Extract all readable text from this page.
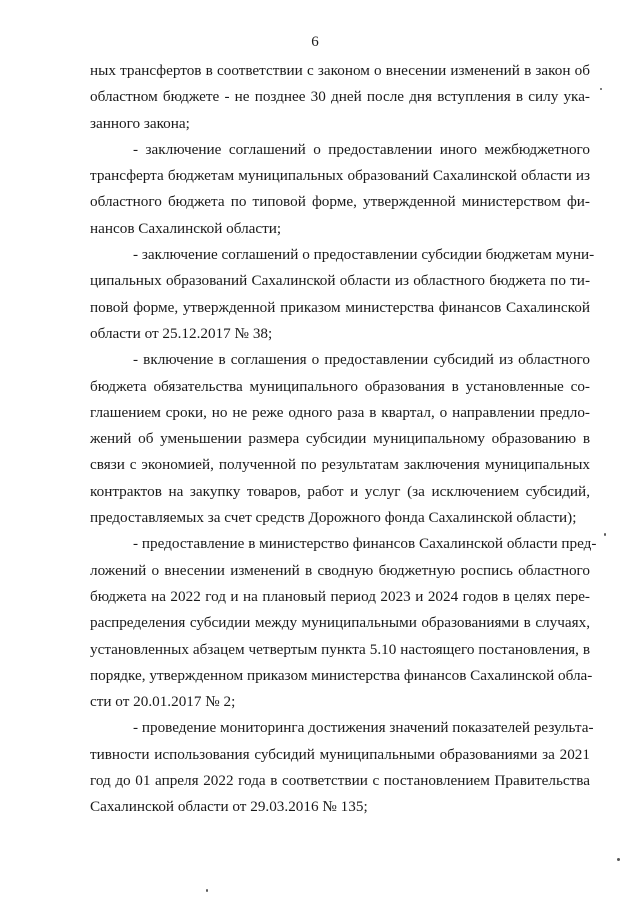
6
ных трансфертов в соответствии с законом о внесении изменений в закон об
областном бюджете - не позднее 30 дней после дня вступления в силу ука-
занного закона;
- заключение соглашений о предоставлении иного межбюджетного
трансферта бюджетам муниципальных образований Сахалинской области из
областного бюджета по типовой форме, утвержденной министерством фи-
нансов Сахалинской области;
- заключение соглашений о предоставлении субсидии бюджетам муни-
ципальных образований Сахалинской области из областного бюджета по ти-
повой форме, утвержденной приказом министерства финансов Сахалинской
области от 25.12.2017 № 38;
- включение в соглашения о предоставлении субсидий из областного
бюджета обязательства муниципального образования в установленные со-
глашением сроки, но не реже одного раза в квартал, о направлении предло-
жений об уменьшении размера субсидии муниципальному образованию в
связи с экономией, полученной по результатам заключения муниципальных
контрактов на закупку товаров, работ и услуг (за исключением субсидий,
предоставляемых за счет средств Дорожного фонда Сахалинской области);
- предоставление в министерство финансов Сахалинской области пред-
ложений о внесении изменений в сводную бюджетную роспись областного
бюджета на 2022 год и на плановый период 2023 и 2024 годов в целях пере-
распределения субсидии между муниципальными образованиями в случаях,
установленных абзацем четвертым пункта 5.10 настоящего постановления, в
порядке, утвержденном приказом министерства финансов Сахалинской обла-
сти от 20.01.2017 № 2;
- проведение мониторинга достижения значений показателей результа-
тивности использования субсидий муниципальными образованиями за 2021
год до 01 апреля 2022 года в соответствии с постановлением Правительства
Сахалинской области от 29.03.2016 № 135;
